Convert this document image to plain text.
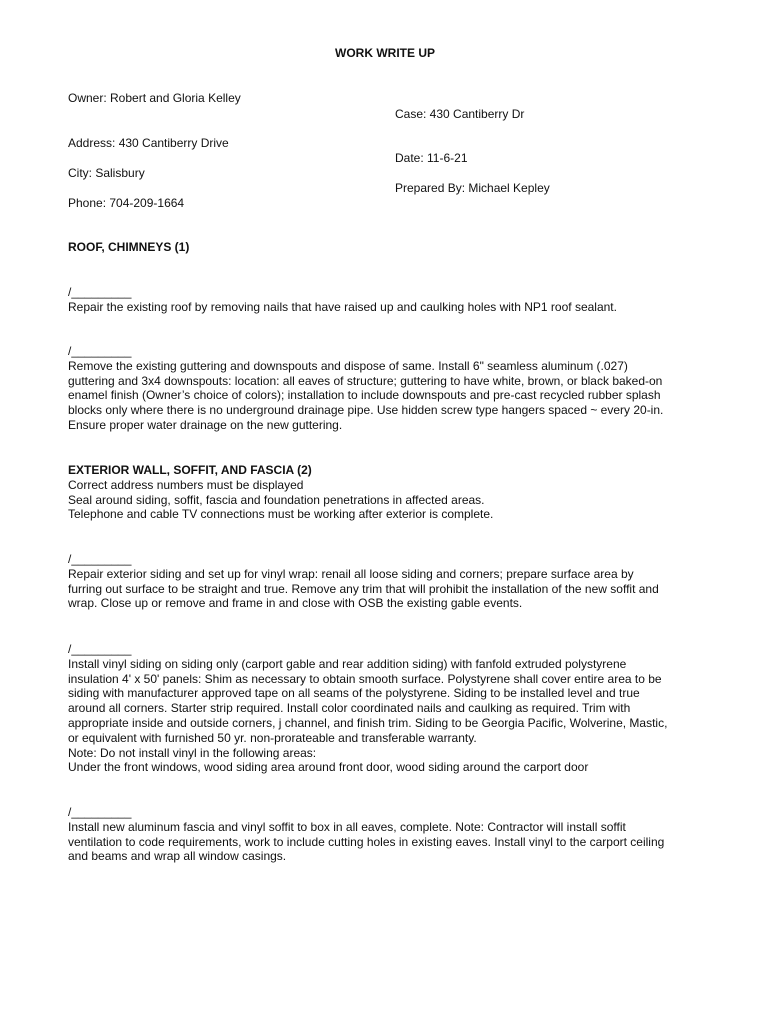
WORK WRITE UP
Owner: Robert and Gloria Kelley
Case: 430 Cantiberry Dr
Address: 430 Cantiberry Drive
Date: 11-6-21
City: Salisbury
Prepared By: Michael Kepley
Phone: 704-209-1664
ROOF, CHIMNEYS (1)

/_________

Repair the existing roof by removing nails that have raised up and caulking holes with NP1 roof sealant.

/_________

Remove the existing guttering and downspouts and dispose of same. Install 6" seamless aluminum (.027)

guttering and 3x4 downspouts: location: all eaves of structure; guttering to have white, brown, or black baked-on

enamel finish (Owner’s choice of colors); installation to include downspouts and pre-cast recycled rubber splash

blocks only where there is no underground drainage pipe. Use hidden screw type hangers spaced ~ every 20-in.

Ensure proper water drainage on the new guttering.

EXTERIOR WALL, SOFFIT, AND FASCIA (2)

Correct address numbers must be displayed

Seal around siding, soffit, fascia and foundation penetrations in affected areas.

Telephone and cable TV connections must be working after exterior is complete.

/_________

Repair exterior siding and set up for vinyl wrap: renail all loose siding and corners; prepare surface area by

furring out surface to be straight and true. Remove any trim that will prohibit the installation of the new soffit and

wrap. Close up or remove and frame in and close with OSB the existing gable events.

/_________

Install vinyl siding on siding only (carport gable and rear addition siding) with fanfold extruded polystyrene

insulation 4' x 50' panels: Shim as necessary to obtain smooth surface. Polystyrene shall cover entire area to be

siding with manufacturer approved tape on all seams of the polystyrene. Siding to be installed level and true

around all corners. Starter strip required. Install color coordinated nails and caulking as required. Trim with

appropriate inside and outside corners, j channel, and finish trim. Siding to be Georgia Pacific, Wolverine, Mastic,

or equivalent with furnished 50 yr. non-prorateable and transferable warranty.

Note: Do not install vinyl in the following areas:

Under the front windows, wood siding area around front door, wood siding around the carport door

/_________

Install new aluminum fascia and vinyl soffit to box in all eaves, complete. Note: Contractor will install soffit

ventilation to code requirements, work to include cutting holes in existing eaves. Install vinyl to the carport ceiling

and beams and wrap all window casings.
